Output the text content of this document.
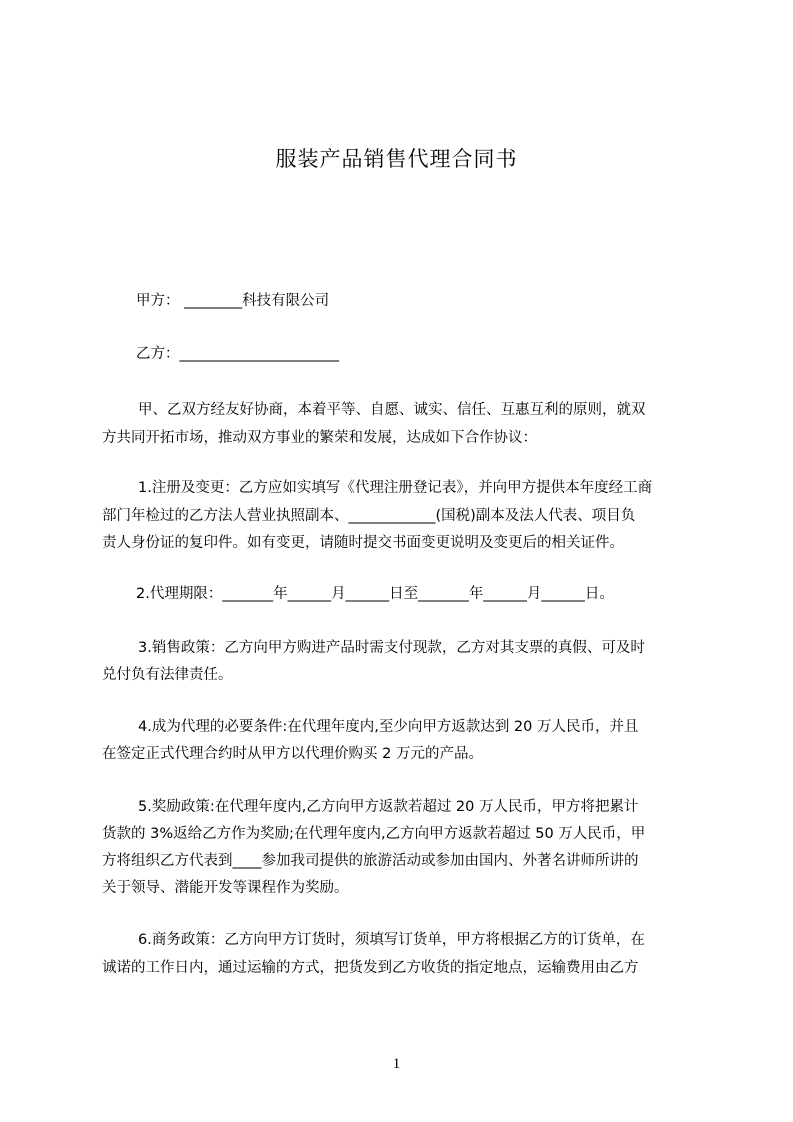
服装产品销售代理合同书
甲方： ________科技有限公司
乙方：______________________
甲、乙双方经友好协商，本着平等、自愿、诚实、信任、互惠互利的原则，就双
方共同开拓市场，推动双方事业的繁荣和发展，达成如下合作协议：
1.注册及变更：乙方应如实填写《代理注册登记表》，并向甲方提供本年度经工商
部门年检过的乙方法人营业执照副本、____________(国税)副本及法人代表、项目负
责人身份证的复印件。如有变更，请随时提交书面变更说明及变更后的相关证件。
2.代理期限：_______年______月______日至_______年______月______日。
3.销售政策：乙方向甲方购进产品时需支付现款，乙方对其支票的真假、可及时
兑付负有法律责任。
4.成为代理的必要条件:在代理年度内,至少向甲方返款达到 20 万人民币，并且
在签定正式代理合约时从甲方以代理价购买 2 万元的产品。
5.奖励政策:在代理年度内,乙方向甲方返款若超过 20 万人民币，甲方将把累计
货款的 3%返给乙方作为奖励;在代理年度内,乙方向甲方返款若超过 50 万人民币，甲
方将组织乙方代表到____参加我司提供的旅游活动或参加由国内、外著名讲师所讲的
关于领导、潜能开发等课程作为奖励。
6.商务政策：乙方向甲方订货时，须填写订货单，甲方将根据乙方的订货单，在
诚诺的工作日内，通过运输的方式，把货发到乙方收货的指定地点，运输费用由乙方
1
